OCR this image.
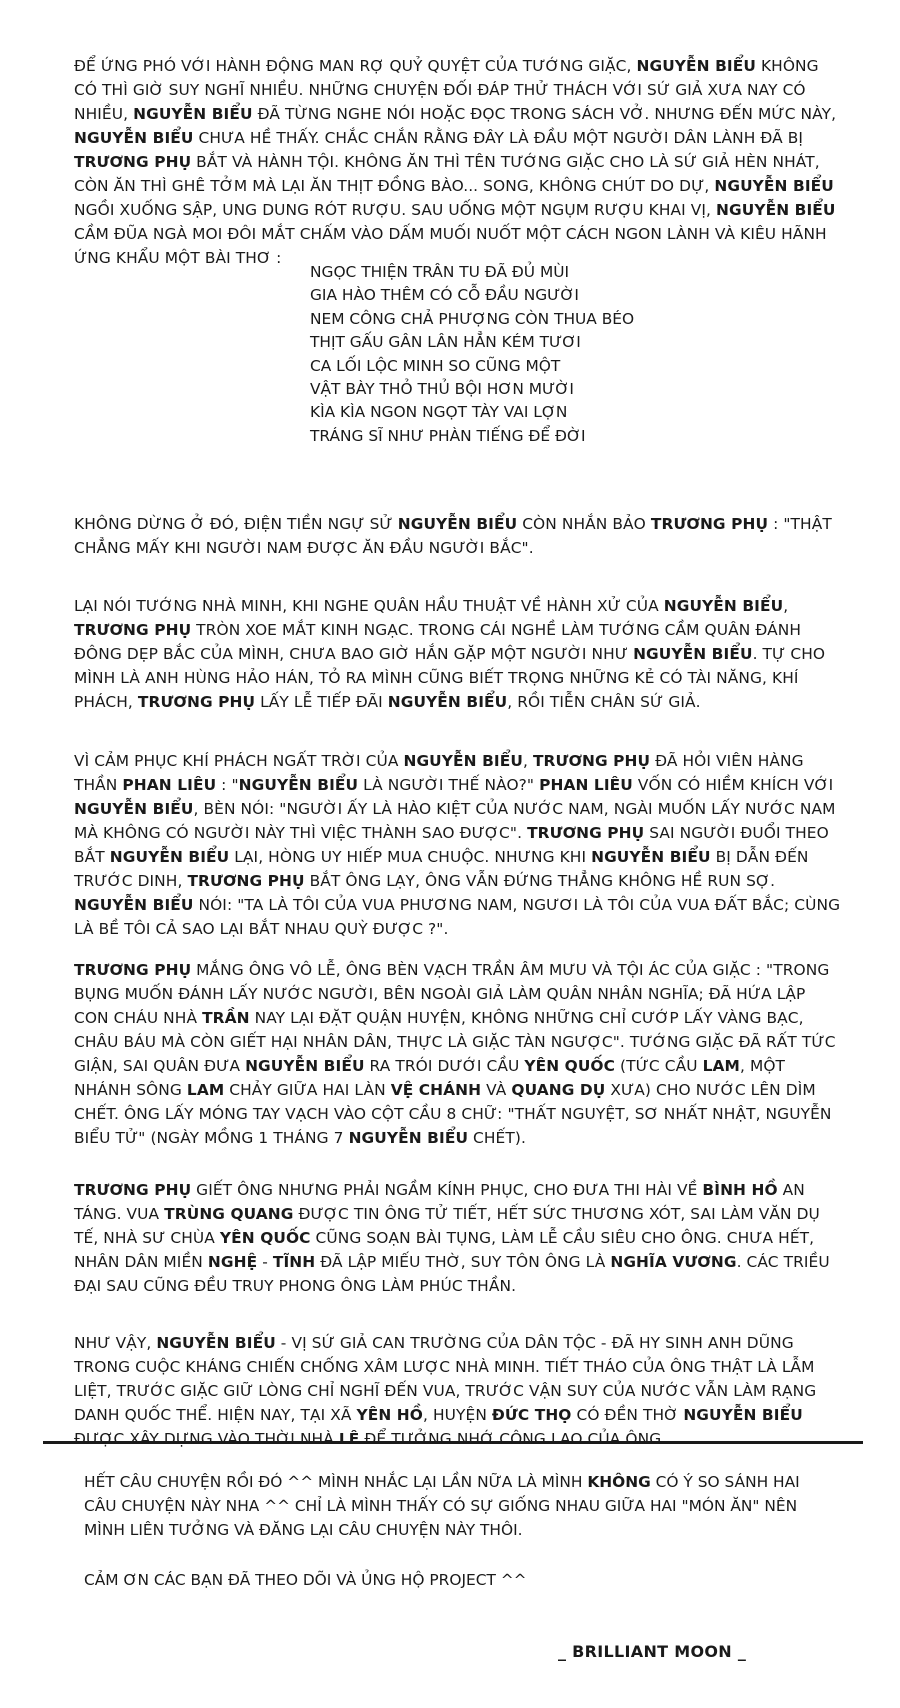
ĐỂ ỨNG PHÓ VỚI HÀNH ĐỘNG MAN RỢ QUỶ QUYỆT CỦA TƯỚNG GIẶC, NGUYỄN BIỂU KHÔNG CÓ THÌ GIỜ SUY NGHĨ NHIỀU. NHỮNG CHUYỆN ĐỐI ĐÁP THỬ THÁCH VỚI SỨ GIẢ XƯA NAY CÓ NHIỀU, NGUYỄN BIỂU ĐÃ TỪNG NGHE NÓI HOẶC ĐỌC TRONG SÁCH VỞ. NHƯNG ĐẾN MỨC NÀY, NGUYỄN BIỂU CHƯA HỀ THẤY. CHẮC CHẮN RẰNG ĐÂY LÀ ĐẦU MỘT NGƯỜI DÂN LÀNH ĐÃ BỊ TRƯƠNG PHỤ BẮT VÀ HÀNH TỘI. KHÔNG ĂN THÌ TÊN TƯỚNG GIẶC CHO LÀ SỨ GIẢ HÈN NHÁT, CÒN ĂN THÌ GHÊ TỞM MÀ LẠI ĂN THỊT ĐỒNG BÀO... SONG, KHÔNG CHÚT DO DỰ, NGUYỄN BIỂU NGỒI XUỐNG SẬP, UNG DUNG RÓT RƯỢU. SAU UỐNG MỘT NGỤM RƯỢU KHAI VỊ, NGUYỄN BIỂU CẦM ĐŨA NGÀ MOI ĐÔI MẮT CHẤM VÀO DẤM MUỐI NUỐT MỘT CÁCH NGON LÀNH VÀ KIÊU HÃNH ỨNG KHẨU MỘT BÀI THƠ :

NGỌC THIỆN TRÂN TU ĐÃ ĐỦ MÙI
GIA HÀO THÊM CÓ CỖ ĐẦU NGƯỜI
NEM CÔNG CHẢ PHƯỢNG CÒN THUA BÉO
THỊT GẤU GÂN LÂN HẲN KÉM TƯƠI
CA LỐI LỘC MINH SO CŨNG MỘT
VẬT BÀY THỎ THỦ BỘI HƠN MƯỜI
KÌA KÌA NGON NGỌT TÀY VAI LỢN
TRÁNG SĨ NHƯ PHÀN TIẾNG ĐỂ ĐỜI

KHÔNG DỪNG Ở ĐÓ, ĐIỆN TIỀN NGỰ SỬ NGUYỄN BIỂU CÒN NHẮN BẢO TRƯƠNG PHỤ : "THẬT CHẲNG MẤY KHI NGƯỜI NAM ĐƯỢC ĂN ĐẦU NGƯỜI BẮC".

LẠI NÓI TƯỚNG NHÀ MINH, KHI NGHE QUÂN HẦU THUẬT VỀ HÀNH XỬ CỦA NGUYỄN BIỂU, TRƯƠNG PHỤ TRÒN XOE MẮT KINH NGẠC. TRONG CÁI NGHỀ LÀM TƯỚNG CẦM QUÂN ĐÁNH ĐÔNG DẸP BẮC CỦA MÌNH, CHƯA BAO GIỜ HẮN GẶP MỘT NGƯỜI NHƯ NGUYỄN BIỂU. TỰ CHO MÌNH LÀ ANH HÙNG HẢO HÁN, TỎ RA MÌNH CŨNG BIẾT TRỌNG NHỮNG KẺ CÓ TÀI NĂNG, KHÍ PHÁCH, TRƯƠNG PHỤ LẤY LỄ TIẾP ĐÃI NGUYỄN BIỂU, RỒI TIỄN CHÂN SỨ GIẢ.

VÌ CẢM PHỤC KHÍ PHÁCH NGẤT TRỜI CỦA NGUYỄN BIỂU, TRƯƠNG PHỤ ĐÃ HỎI VIÊN HÀNG THẦN PHAN LIÊU : "NGUYỄN BIỂU LÀ NGƯỜI THẾ NÀO?" PHAN LIÊU VỐN CÓ HIỀM KHÍCH VỚI NGUYỄN BIỂU, BÈN NÓI: "NGƯỜI ẤY LÀ HÀO KIỆT CỦA NƯỚC NAM, NGÀI MUỐN LẤY NƯỚC NAM MÀ KHÔNG CÓ NGƯỜI NÀY THÌ VIỆC THÀNH SAO ĐƯỢC". TRƯƠNG PHỤ SAI NGƯỜI ĐUỔI THEO BẮT NGUYỄN BIỂU LẠI, HÒNG UY HIẾP MUA CHUỘC. NHƯNG KHI NGUYỄN BIỂU BỊ DẪN ĐẾN TRƯỚC DINH, TRƯƠNG PHỤ BẮT ÔNG LẠY, ÔNG VẪN ĐỨNG THẲNG KHÔNG HỀ RUN SỢ. NGUYỄN BIỂU NÓI: "TA LÀ TÔI CỦA VUA PHƯƠNG NAM, NGƯƠI LÀ TÔI CỦA VUA ĐẤT BẮC; CÙNG LÀ BỀ TÔI CẢ SAO LẠI BẮT NHAU QUỲ ĐƯỢC ?".

TRƯƠNG PHỤ MẮNG ÔNG VÔ LỄ, ÔNG BÈN VẠCH TRẦN ÂM MƯU VÀ TỘI ÁC CỦA GIẶC : "TRONG BỤNG MUỐN ĐÁNH LẤY NƯỚC NGƯỜI, BÊN NGOÀI GIẢ LÀM QUÂN NHÂN NGHĨA; ĐÃ HỨA LẬP CON CHÁU NHÀ TRẦN NAY LẠI ĐẶT QUẬN HUYỆN, KHÔNG NHỮNG CHỈ CƯỚP LẤY VÀNG BẠC, CHÂU BÁU MÀ CÒN GIẾT HẠI NHÂN DÂN, THỰC LÀ GIẶC TÀN NGƯỢC". TƯỚNG GIẶC ĐÃ RẤT TỨC GIẬN, SAI QUÂN ĐƯA NGUYỄN BIỂU RA TRÓI DƯỚI CẦU YÊN QUỐC (TỨC CẦU LAM, MỘT NHÁNH SÔNG LAM CHẢY GIỮA HAI LÀN VỆ CHÁNH VÀ QUANG DỤ XƯA) CHO NƯỚC LÊN DÌM CHẾT. ÔNG LẤY MÓNG TAY VẠCH VÀO CỘT CẦU 8 CHỮ: "THẤT NGUYỆT, SƠ NHẤT NHẬT, NGUYỄN BIỂU TỬ" (NGÀY MỒNG 1 THÁNG 7 NGUYỄN BIỂU CHẾT).

TRƯƠNG PHỤ GIẾT ÔNG NHƯNG PHẢI NGẦM KÍNH PHỤC, CHO ĐƯA THI HÀI VỀ BÌNH HỒ AN TÁNG. VUA TRÙNG QUANG ĐƯỢC TIN ÔNG TỬ TIẾT, HẾT SỨC THƯƠNG XÓT, SAI LÀM VĂN DỤ TẾ, NHÀ SƯ CHÙA YÊN QUỐC CŨNG SOẠN BÀI TỤNG, LÀM LỄ CẦU SIÊU CHO ÔNG. CHƯA HẾT, NHÂN DÂN MIỀN NGHỆ - TĨNH ĐÃ LẬP MIẾU THỜ, SUY TÔN ÔNG LÀ NGHĨA VƯƠNG. CÁC TRIỀU ĐẠI SAU CŨNG ĐỀU TRUY PHONG ÔNG LÀM PHÚC THẦN.

NHƯ VẬY, NGUYỄN BIỂU - VỊ SỨ GIẢ CAN TRƯỜNG CỦA DÂN TỘC - ĐÃ HY SINH ANH DŨNG TRONG CUỘC KHÁNG CHIẾN CHỐNG XÂM LƯỢC NHÀ MINH. TIẾT THÁO CỦA ÔNG THẬT LÀ LẪM LIỆT, TRƯỚC GIẶC GIỮ LÒNG CHỈ NGHĨ ĐẾN VUA, TRƯỚC VẬN SUY CỦA NƯỚC VẪN LÀM RẠNG DANH QUỐC THỂ. HIỆN NAY, TẠI XÃ YÊN HỒ, HUYỆN ĐỨC THỌ CÓ ĐỀN THỜ NGUYỄN BIỂU ĐƯỢC XÂY DỰNG VÀO THỜI NHÀ LÊ ĐỂ TƯỞNG NHỚ CÔNG LAO CỦA ÔNG.

HẾT CÂU CHUYỆN RỒI ĐÓ ^^ MÌNH NHẮC LẠI LẦN NỮA LÀ MÌNH KHÔNG CÓ Ý SO SÁNH HAI CÂU CHUYỆN NÀY NHA ^^ CHỈ LÀ MÌNH THẤY CÓ SỰ GIỐNG NHAU GIỮA HAI "MÓN ĂN" NÊN MÌNH LIÊN TƯỞNG VÀ ĐĂNG LẠI CÂU CHUYỆN NÀY THÔI.

CẢM ƠN CÁC BẠN ĐÃ THEO DÕI VÀ ỦNG HỘ PROJECT ^^

_ BRILLIANT MOON _
